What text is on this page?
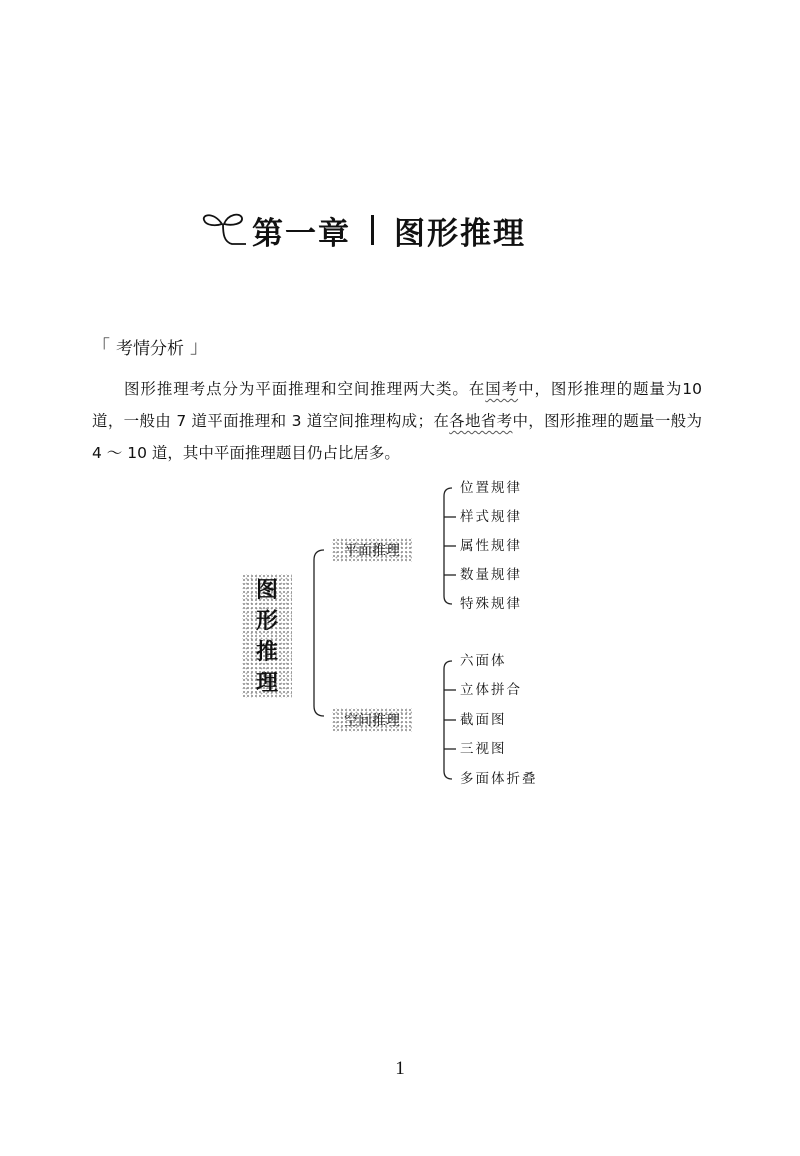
第一章 图形推理
「 考情分析 」
图形推理考点分为平面推理和空间推理两大类。在国考中，图形推理的题量为10 道，一般由 7 道平面推理和 3 道空间推理构成；在各地省考中，图形推理的题量一般为 4 ～ 10 道，其中平面推理题目仍占比居多。
图
形
推
理
平面推理
空间推理
位置规律
样式规律
属性规律
数量规律
特殊规律
六面体
立体拼合
截面图
三视图
多面体折叠
1
